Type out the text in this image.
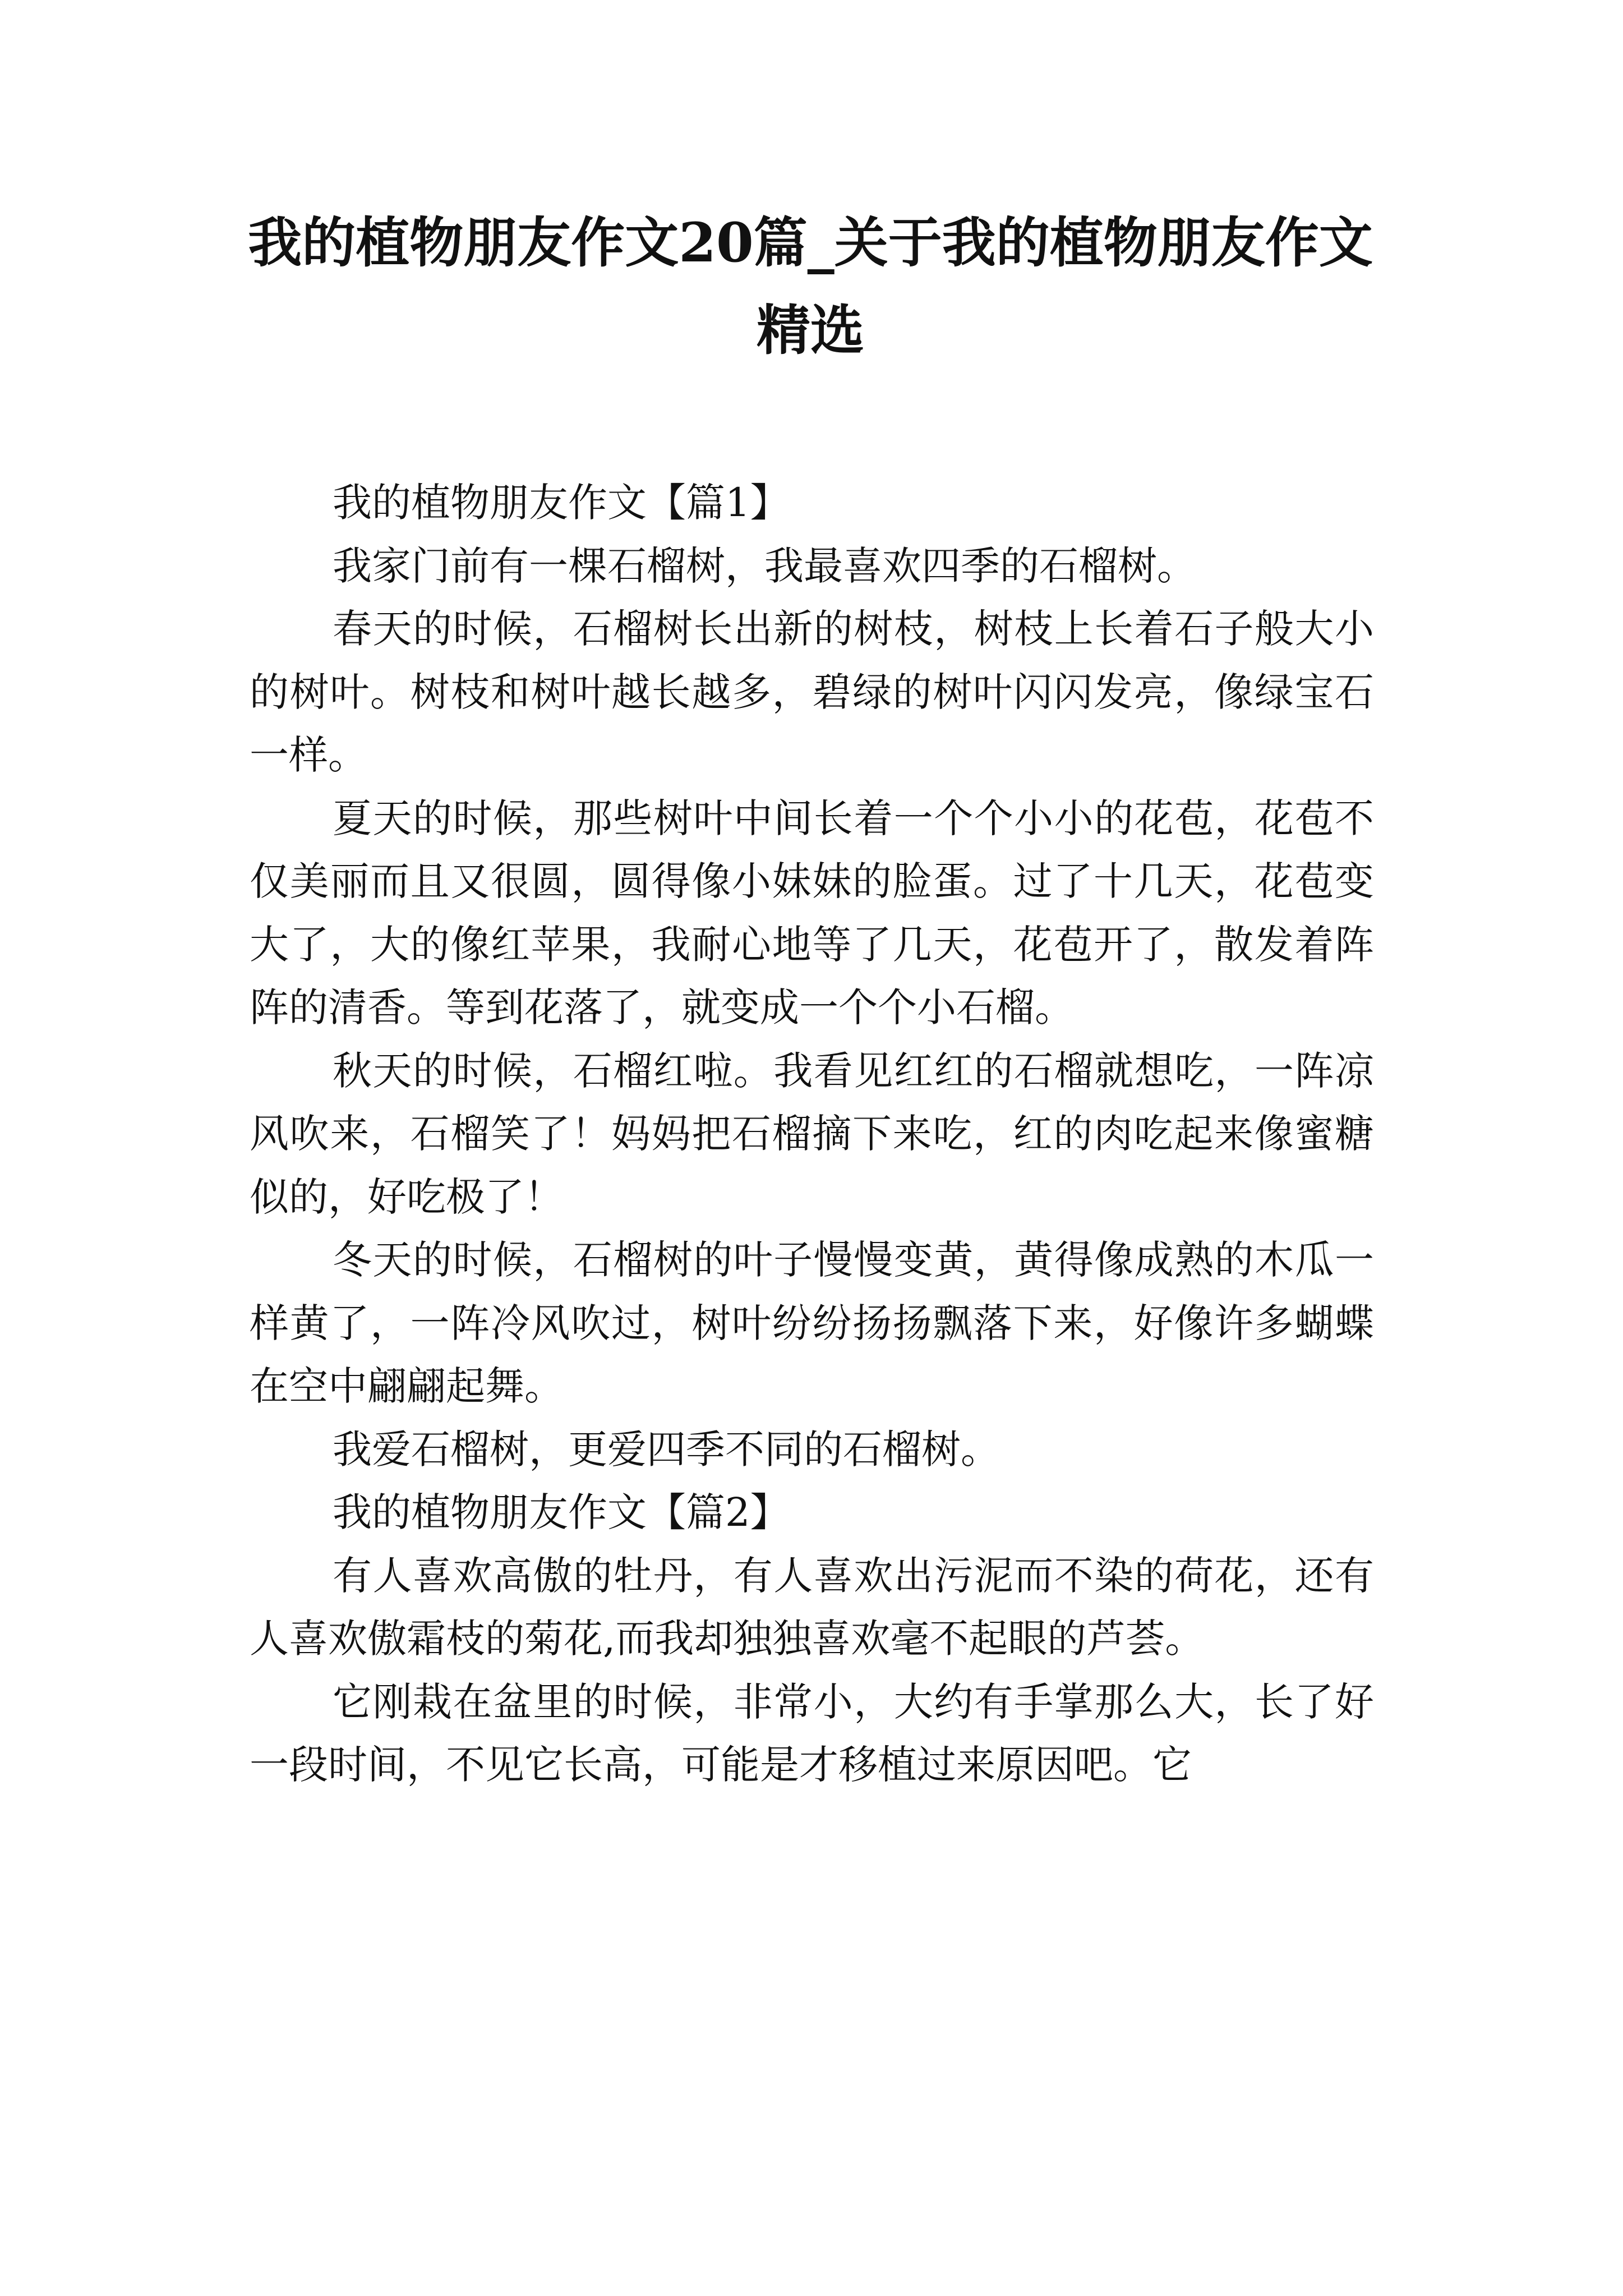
我的植物朋友作文20篇_关于我的植物朋友作文精选

我的植物朋友作文【篇1】

我家门前有一棵石榴树，我最喜欢四季的石榴树。

春天的时候，石榴树长出新的树枝，树枝上长着石子般大小的树叶。树枝和树叶越长越多，碧绿的树叶闪闪发亮，像绿宝石一样。

夏天的时候，那些树叶中间长着一个个小小的花苞，花苞不仅美丽而且又很圆，圆得像小妹妹的脸蛋。过了十几天，花苞变大了，大的像红苹果，我耐心地等了几天，花苞开了，散发着阵阵的清香。等到花落了，就变成一个个小石榴。

秋天的时候，石榴红啦。我看见红红的石榴就想吃，一阵凉风吹来，石榴笑了！妈妈把石榴摘下来吃，红的肉吃起来像蜜糖似的，好吃极了！

冬天的时候，石榴树的叶子慢慢变黄，黄得像成熟的木瓜一样黄了，一阵冷风吹过，树叶纷纷扬扬飘落下来，好像许多蝴蝶在空中翩翩起舞。

我爱石榴树，更爱四季不同的石榴树。

我的植物朋友作文【篇2】

有人喜欢高傲的牡丹，有人喜欢出污泥而不染的荷花，还有人喜欢傲霜枝的菊花,而我却独独喜欢毫不起眼的芦荟。

它刚栽在盆里的时候，非常小，大约有手掌那么大，长了好一段时间，不见它长高，可能是才移植过来原因吧。它
